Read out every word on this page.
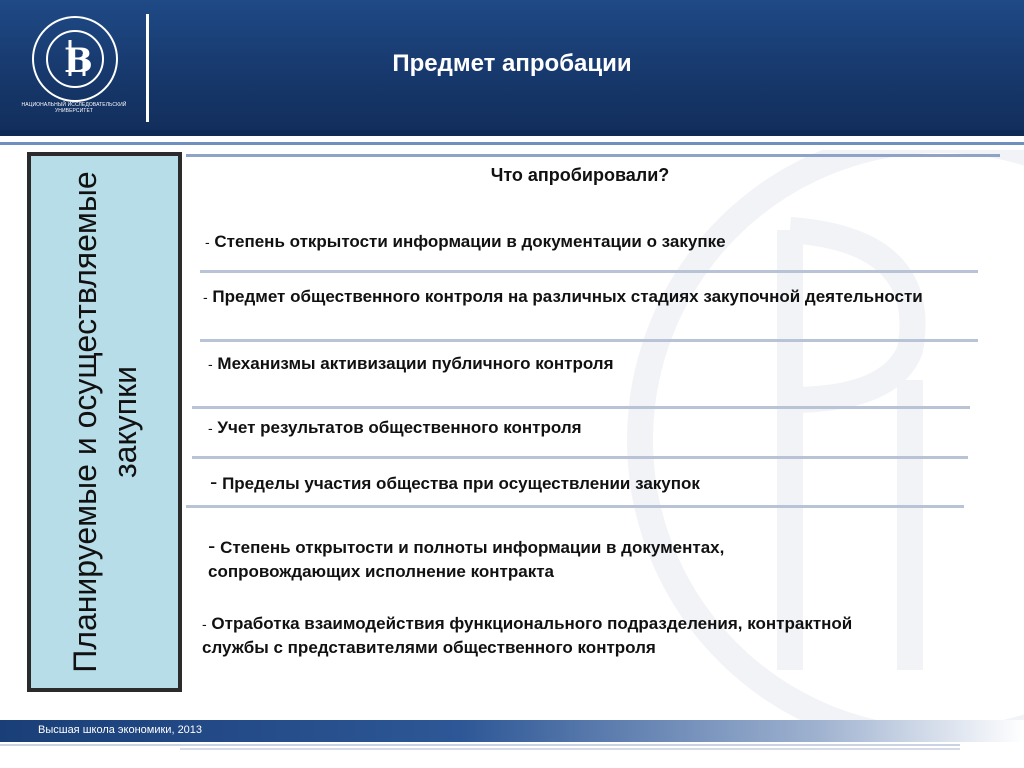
В
НАЦИОНАЛЬНЫЙ ИССЛЕДОВАТЕЛЬСКИЙ УНИВЕРСИТЕТ
Предмет апробации
Планируемые и осуществляемые закупки
Что апробировали?
- Степень открытости информации в документации о закупке
- Предмет общественного контроля на различных стадиях закупочной деятельности
- Механизмы активизации публичного контроля
- Учет результатов общественного контроля
- Пределы участия общества при осуществлении закупок
- Степень открытости и полноты информации в документах, сопровождающих исполнение контракта
- Отработка взаимодействия функционального подразделения, контрактной службы с представителями общественного контроля
Высшая школа экономики, 2013
